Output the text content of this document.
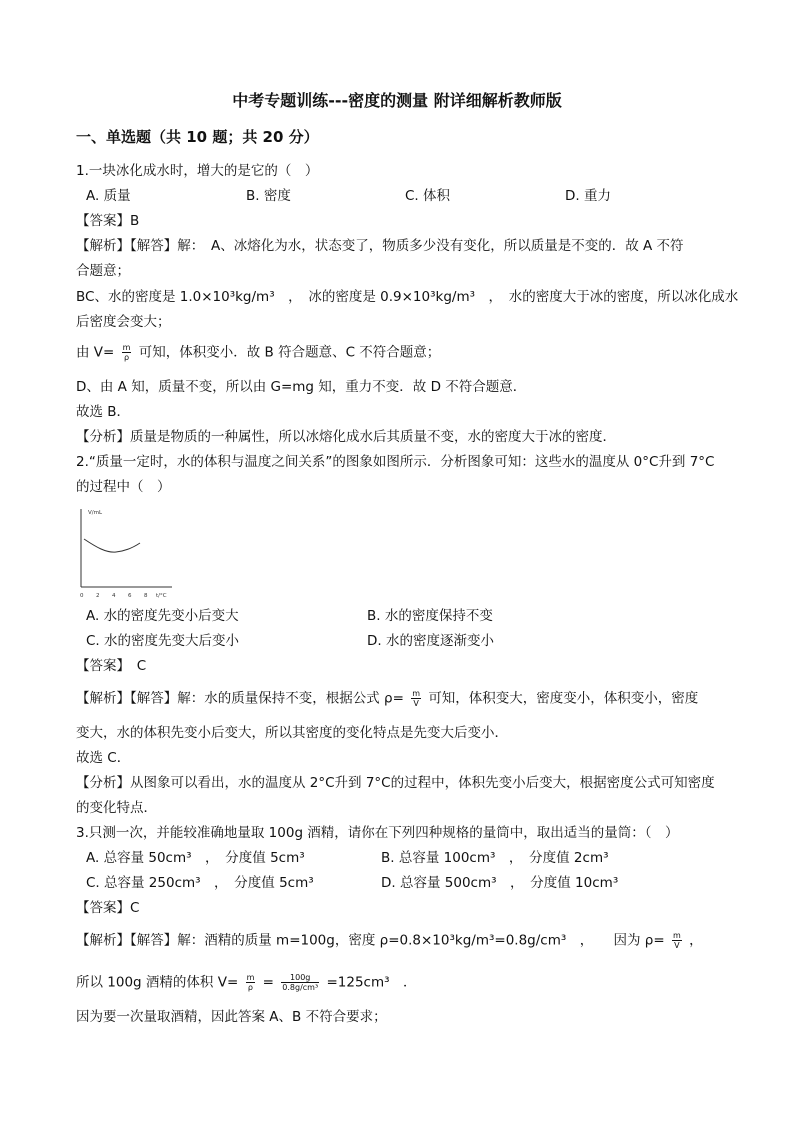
中考专题训练---密度的测量 附详细解析教师版
一、单选题（共 10 题；共 20 分）
1.一块冰化成水时，增大的是它的（　）
A. 质量	B. 密度	C. 体积	D. 重力
【答案】B
【解析】【解答】解：　A、冰熔化为水，状态变了，物质多少没有变化，所以质量是不变的．故 A 不符
合题意；
BC、水的密度是 1.0×10³kg/m³　，　冰的密度是 0.9×10³kg/m³　，　水的密度大于冰的密度，所以冰化成水
后密度会变大；
由 $V= \frac{m}{\rho}$ 可知，体积变小．故 B 符合题意、C 不符合题意；
D、由 A 知，质量不变，所以由 G=mg 知，重力不变．故 D 不符合题意．
故选 B．
【分析】质量是物质的一种属性，所以冰熔化成水后其质量不变，水的密度大于冰的密度．
2.“质量一定时，水的体积与温度之间关系”的图象如图所示．分析图象可知：这些水的温度从 0°C升到 7°C
的过程中（　）
V/mL
t/°C
0 2 4 6 8
A. 水的密度先变小后变大	B. 水的密度保持不变
C. 水的密度先变大后变小	D. 水的密度逐渐变小
【答案】　C
【解析】【解答】解：水的质量保持不变，根据公式 $\rho= \frac{m}{V}$ 可知，体积变大，密度变小，体积变小，密度
变大，水的体积先变小后变大，所以其密度的变化特点是先变大后变小．
故选 C．
【分析】从图象可以看出，水的温度从 2°C升到 7°C的过程中，体积先变小后变大，根据密度公式可知密度
的变化特点．
3.只测一次，并能较准确地量取 100g 酒精，请你在下列四种规格的量筒中，取出适当的量筒：（　）
A. 总容量 50cm³　，　分度值 5cm³	B. 总容量 100cm³　，　分度值 2cm³
C. 总容量 250cm³　，　分度值 5cm³	D. 总容量 500cm³　，　分度值 10cm³
【答案】C
【解析】【解答】解：酒精的质量 m=100g，密度 ρ=0.8×10³kg/m³=0.8g/cm³　，　　因为 $\rho= \frac{m}{V}$ ，
所以 100g 酒精的体积 $V= \frac{m}{\rho} = \frac{100g}{\text{0.8g/cm³}} =125cm^3$　．
因为要一次量取酒精，因此答案 A、B 不符合要求；
